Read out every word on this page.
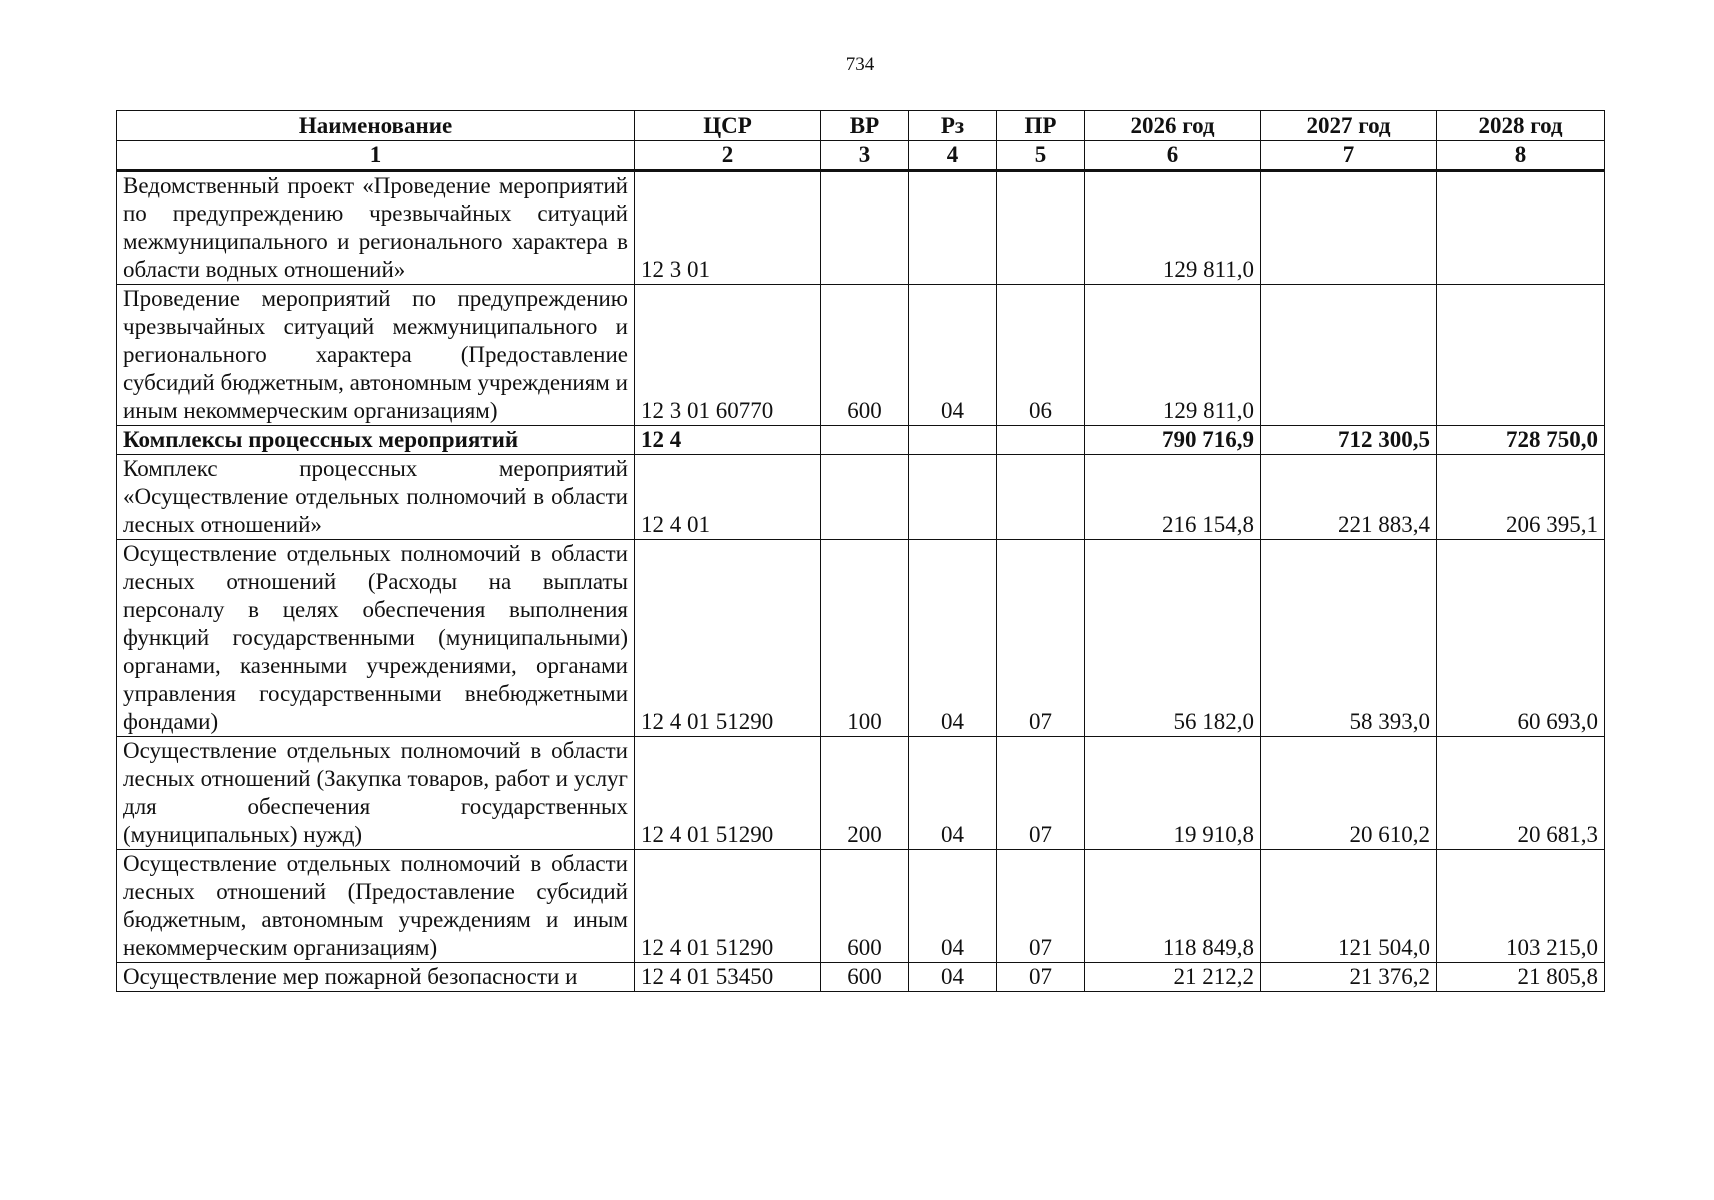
734
Наименование	ЦСР	ВР	Рз	ПР	2026 год	2027 год	2028 год
1	2	3	4	5	6	7	8
Ведомственный проект «Проведение мероприятий по предупреждению чрезвычайных ситуаций межмуниципального и регионального характера в области водных отношений»	12 3 01				129 811,0		
Проведение мероприятий по предупреждению чрезвычайных ситуаций межмуниципального и регионального характера (Предоставление субсидий бюджетным, автономным учреждениям и иным некоммерческим организациям)	12 3 01 60770	600	04	06	129 811,0		
Комплексы процессных мероприятий	12 4				790 716,9	712 300,5	728 750,0
Комплекс процессных мероприятий «Осуществление отдельных полномочий в области лесных отношений»	12 4 01				216 154,8	221 883,4	206 395,1
Осуществление отдельных полномочий в области лесных отношений (Расходы на выплаты персоналу в целях обеспечения выполнения функций государственными (муниципальными) органами, казенными учреждениями, органами управления государственными внебюджетными фондами)	12 4 01 51290	100	04	07	56 182,0	58 393,0	60 693,0
Осуществление отдельных полномочий в области лесных отношений (Закупка товаров, работ и услуг для обеспечения государственных (муниципальных) нужд)	12 4 01 51290	200	04	07	19 910,8	20 610,2	20 681,3
Осуществление отдельных полномочий в области лесных отношений (Предоставление субсидий бюджетным, автономным учреждениям и иным некоммерческим организациям)	12 4 01 51290	600	04	07	118 849,8	121 504,0	103 215,0
Осуществление мер пожарной безопасности и	12 4 01 53450	600	04	07	21 212,2	21 376,2	21 805,8
